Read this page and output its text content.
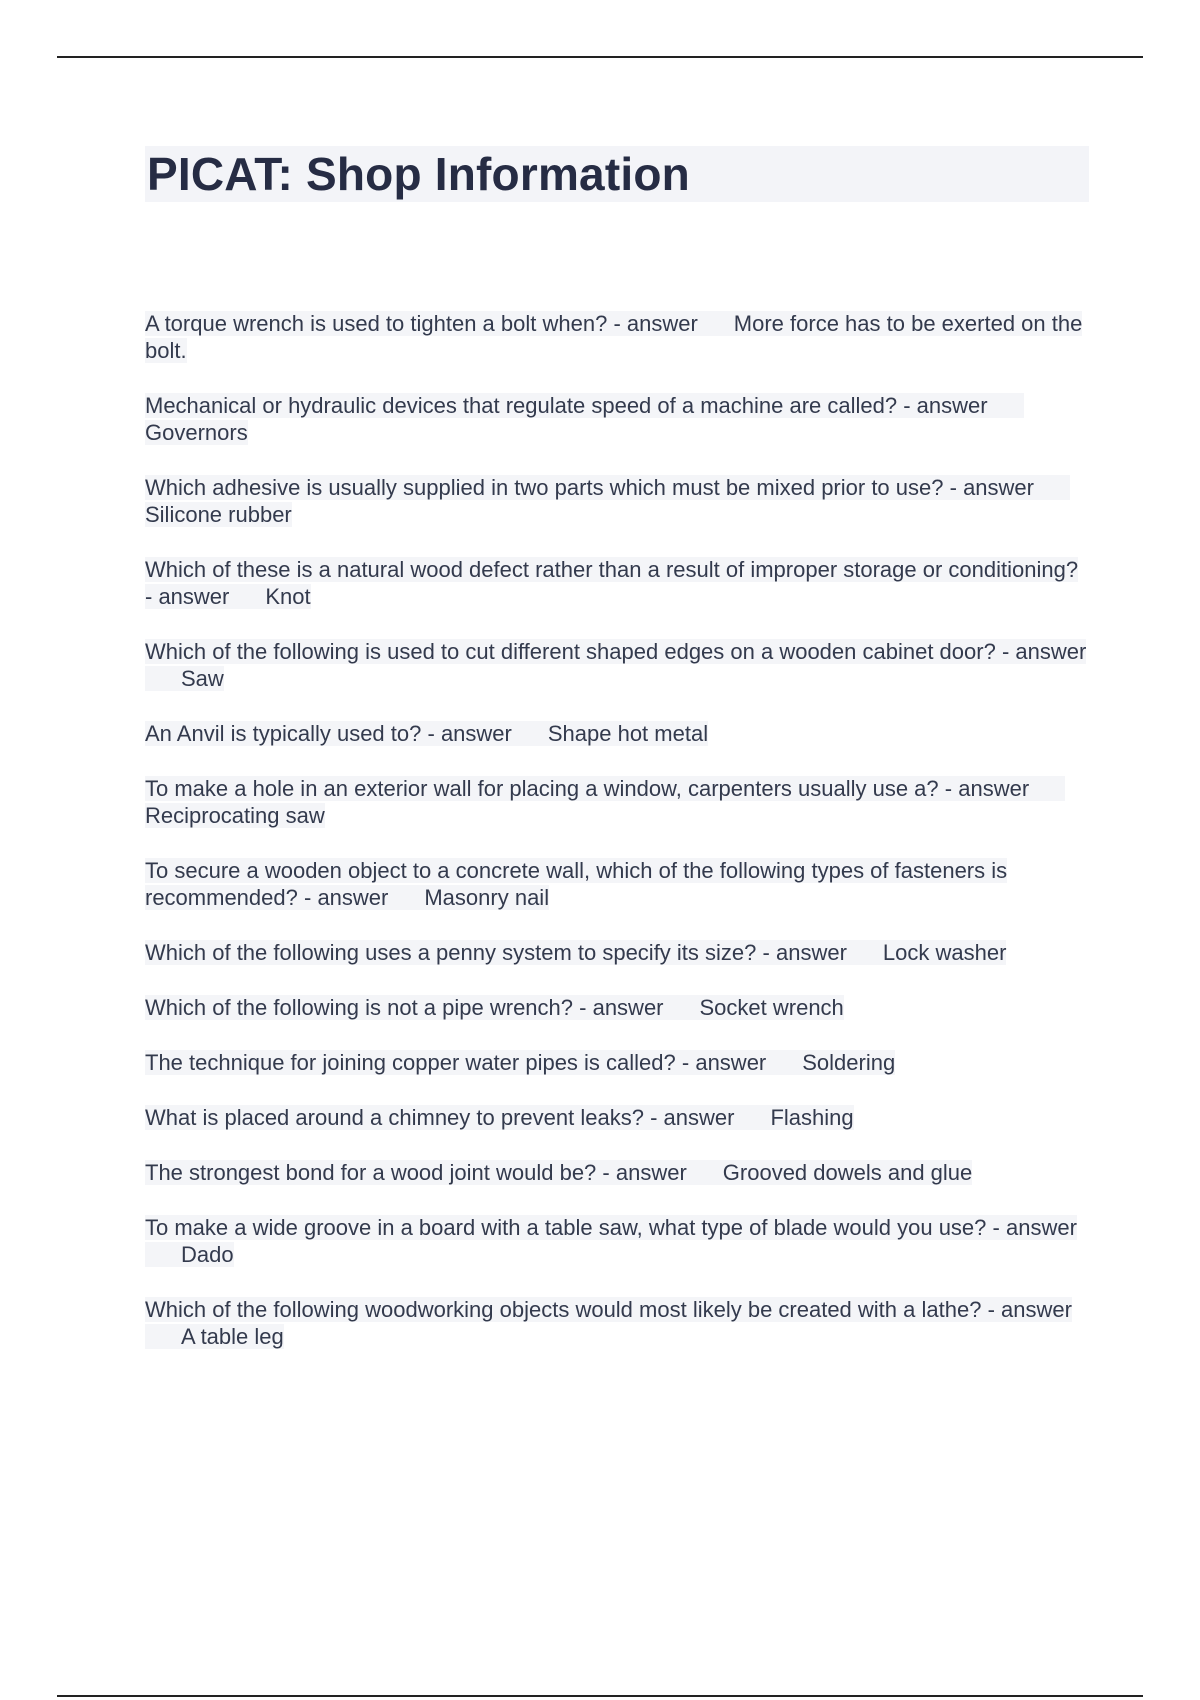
PICAT: Shop Information

A torque wrench is used to tighten a bolt when? - answer More force has to be exerted on the bolt.

Mechanical or hydraulic devices that regulate speed of a machine are called? - answerGovernors

Which adhesive is usually supplied in two parts which must be mixed prior to use? - answerSilicone rubber

Which of these is a natural wood defect rather than a result of improper storage or conditioning? - answer Knot

Which of the following is used to cut different shaped edges on a wooden cabinet door? - answerSaw

An Anvil is typically used to? - answer Shape hot metal

To make a hole in an exterior wall for placing a window, carpenters usually use a? - answerReciprocating saw

To secure a wooden object to a concrete wall, which of the following types of fasteners is recommended? - answer Masonry nail

Which of the following uses a penny system to specify its size? - answer Lock washer

Which of the following is not a pipe wrench? - answer Socket wrench

The technique for joining copper water pipes is called? - answer Soldering

What is placed around a chimney to prevent leaks? - answer Flashing

The strongest bond for a wood joint would be? - answer Grooved dowels and glue

To make a wide groove in a board with a table saw, what type of blade would you use? - answerDado

Which of the following woodworking objects would most likely be created with a lathe? - answerA table leg
